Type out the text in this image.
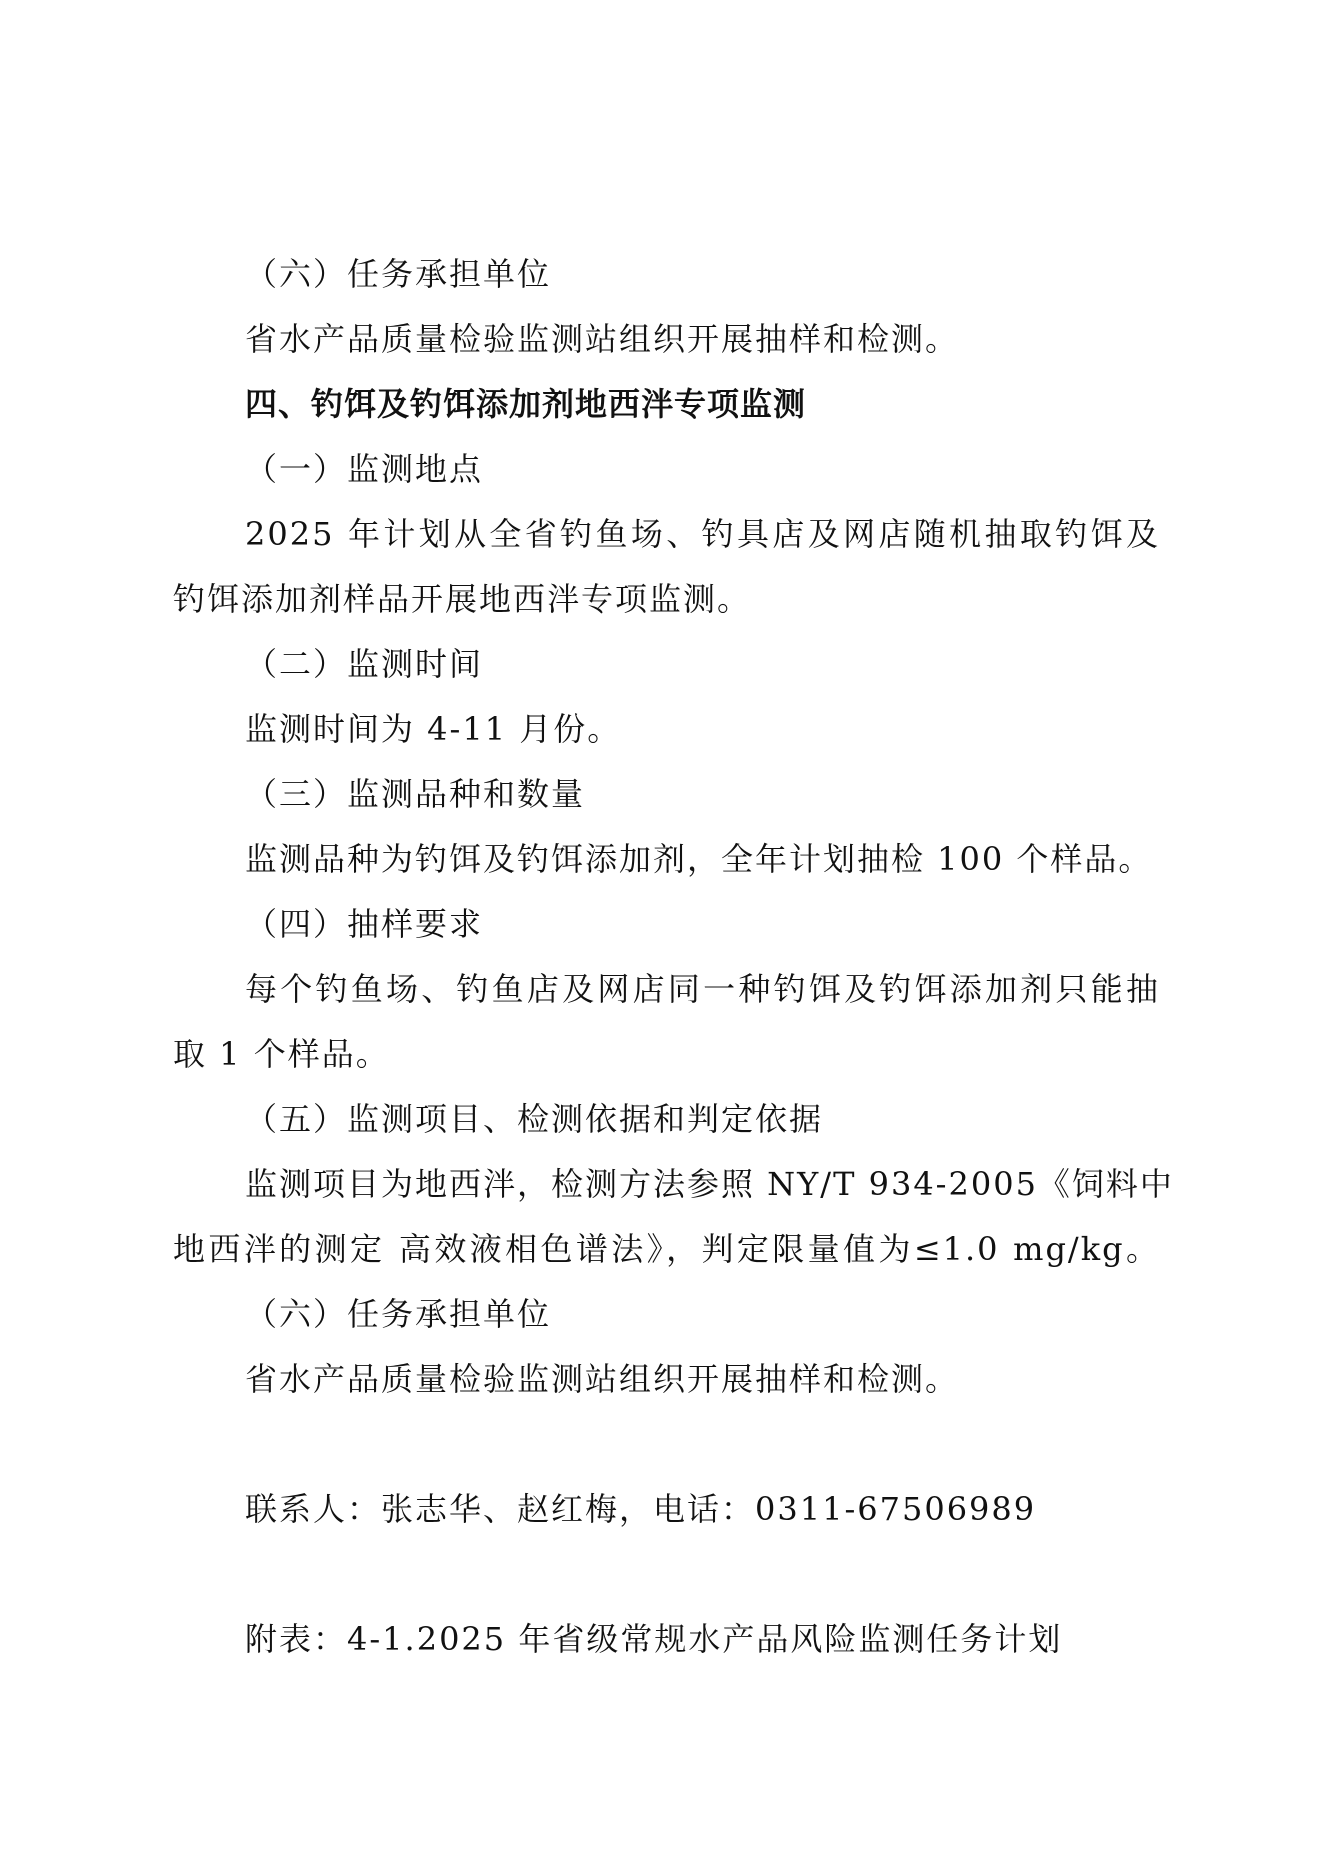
（六）任务承担单位
省水产品质量检验监测站组织开展抽样和检测。
四、钓饵及钓饵添加剂地西泮专项监测
（一）监测地点
2025 年计划从全省钓鱼场、钓具店及网店随机抽取钓饵及
钓饵添加剂样品开展地西泮专项监测。
（二）监测时间
监测时间为 4-11 月份。
（三）监测品种和数量
监测品种为钓饵及钓饵添加剂，全年计划抽检 100 个样品。
（四）抽样要求
每个钓鱼场、钓鱼店及网店同一种钓饵及钓饵添加剂只能抽
取 1 个样品。
（五）监测项目、检测依据和判定依据
监测项目为地西泮，检测方法参照 NY/T 934-2005《饲料中
地西泮的测定 高效液相色谱法》，判定限量值为≤1.0 mg/kg。
（六）任务承担单位
省水产品质量检验监测站组织开展抽样和检测。
联系人：张志华、赵红梅，电话：0311-67506989
附表：4-1.2025 年省级常规水产品风险监测任务计划
